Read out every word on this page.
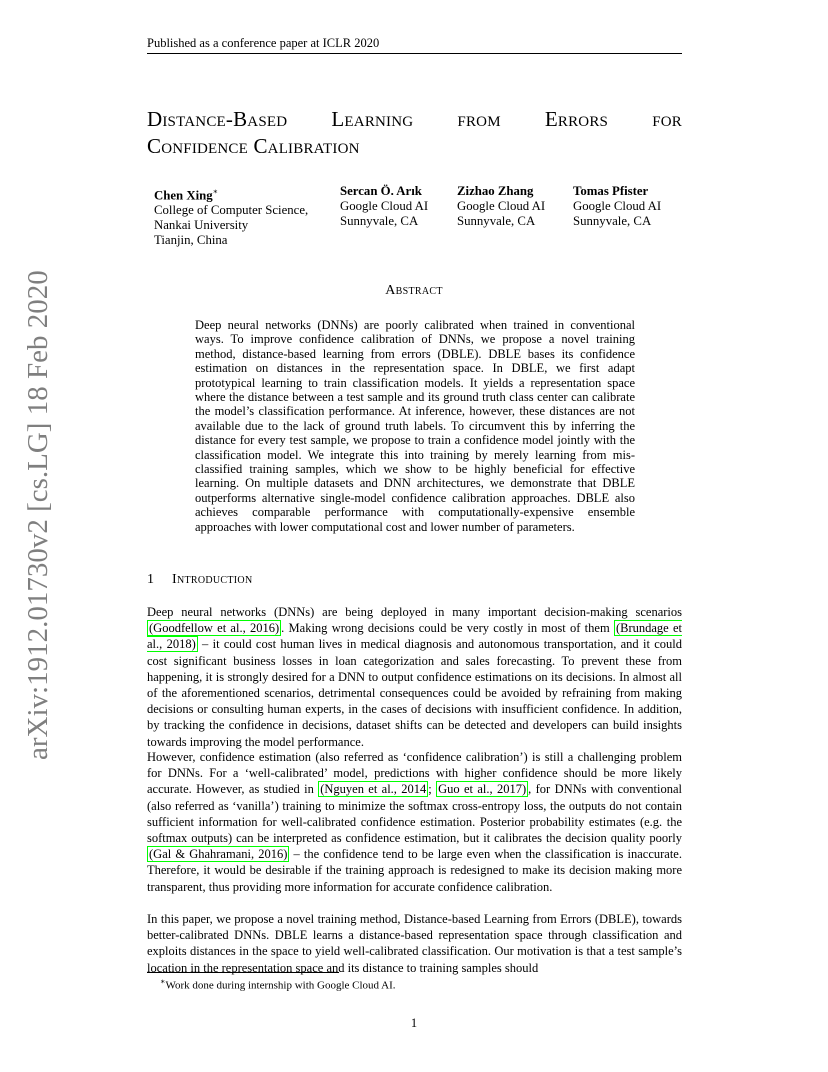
Published as a conference paper at ICLR 2020
Distance-Based Learning from Errors for
Confidence Calibration
Chen Xing∗
College of Computer Science,
Nankai University
Tianjin, China
Sercan Ö. Arık
Google Cloud AI
Sunnyvale, CA
Zizhao Zhang
Google Cloud AI
Sunnyvale, CA
Tomas Pfister
Google Cloud AI
Sunnyvale, CA
Abstract
Deep neural networks (DNNs) are poorly calibrated when trained in conventional ways. To improve confidence calibration of DNNs, we propose a novel training method, distance-based learning from errors (DBLE). DBLE bases its confidence estimation on distances in the representation space. In DBLE, we first adapt prototypical learning to train classification models. It yields a representation space where the distance between a test sample and its ground truth class center can calibrate the model’s classification performance. At inference, however, these distances are not available due to the lack of ground truth labels. To circumvent this by inferring the distance for every test sample, we propose to train a confidence model jointly with the classification model. We integrate this into training by merely learning from mis-classified training samples, which we show to be highly beneficial for effective learning. On multiple datasets and DNN architectures, we demonstrate that DBLE outperforms alternative single-model confidence calibration approaches. DBLE also achieves comparable performance with computationally-expensive ensemble approaches with lower computational cost and lower number of parameters.
1 Introduction
Deep neural networks (DNNs) are being deployed in many important decision-making scenarios (Goodfellow et al., 2016) . Making wrong decisions could be very costly in most of them (Brundage et al., 2018) – it could cost human lives in medical diagnosis and autonomous transportation, and it could cost significant business losses in loan categorization and sales forecasting. To prevent these from happening, it is strongly desired for a DNN to output confidence estimations on its decisions. In almost all of the aforementioned scenarios, detrimental consequences could be avoided by refraining from making decisions or consulting human experts, in the cases of decisions with insufficient confidence. In addition, by tracking the confidence in decisions, dataset shifts can be detected and developers can build insights towards improving the model performance.
However, confidence estimation (also referred as ‘confidence calibration’) is still a challenging problem for DNNs. For a ‘well-calibrated’ model, predictions with higher confidence should be more likely accurate. However, as studied in (Nguyen et al., 2014 ; Guo et al., 2017) , for DNNs with conventional (also referred as ‘vanilla’) training to minimize the softmax cross-entropy loss, the outputs do not contain sufficient information for well-calibrated confidence estimation. Posterior probability estimates (e.g. the softmax outputs) can be interpreted as confidence estimation, but it calibrates the decision quality poorly (Gal & Ghahramani, 2016) – the confidence tend to be large even when the classification is inaccurate. Therefore, it would be desirable if the training approach is redesigned to make its decision making more transparent, thus providing more information for accurate confidence calibration.
In this paper, we propose a novel training method, Distance-based Learning from Errors (DBLE), towards better-calibrated DNNs. DBLE learns a distance-based representation space through classification and exploits distances in the space to yield well-calibrated classification. Our motivation is that a test sample’s location in the representation space and its distance to training samples should
∗Work done during internship with Google Cloud AI.
1
arXiv:1912.01730v2 [cs.LG] 18 Feb 2020
